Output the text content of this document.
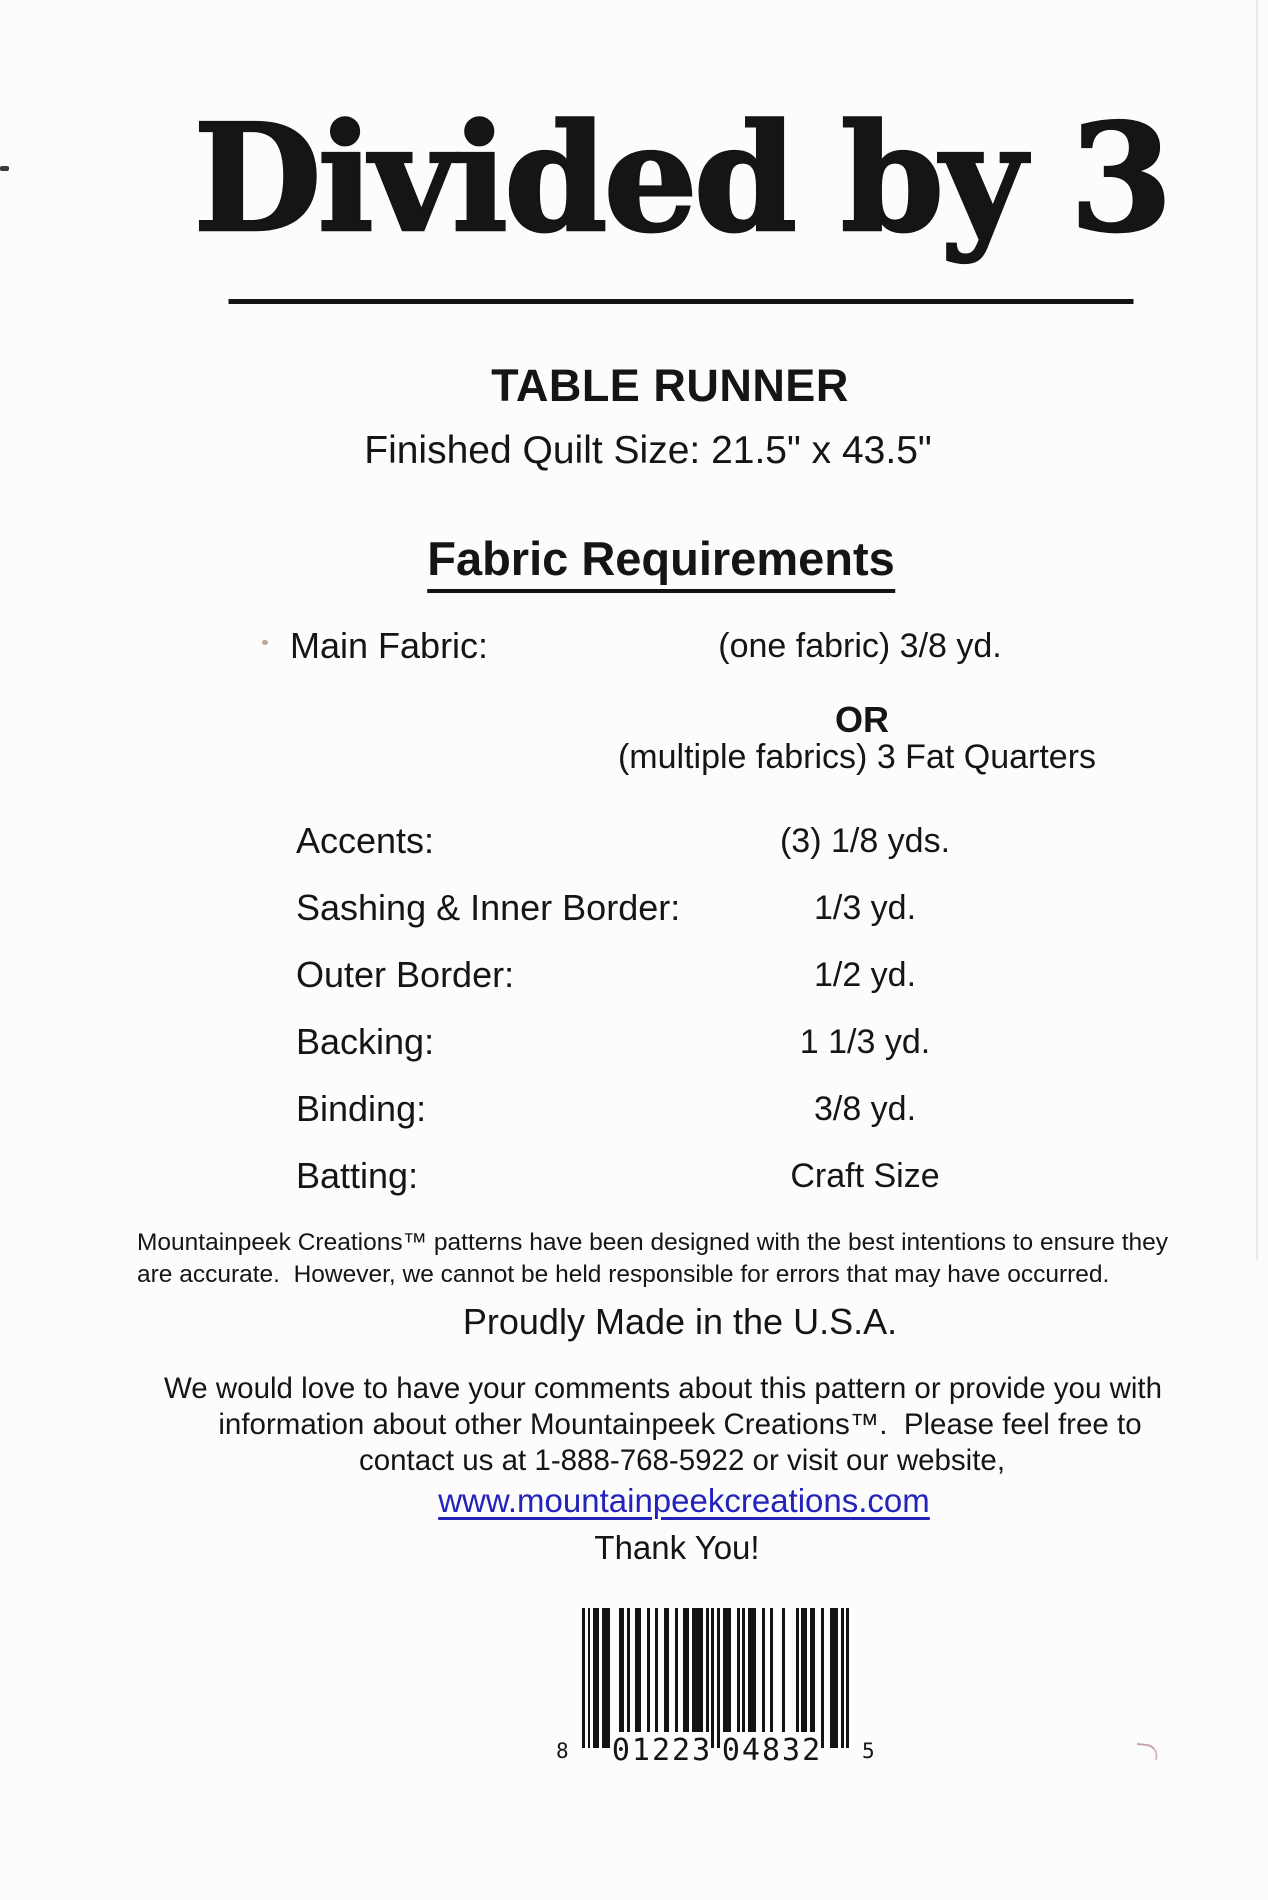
Divided by 3
TABLE RUNNER
Finished Quilt Size: 21.5" x 43.5"
Fabric Requirements
Main Fabric:	(one fabric) 3/8 yd.
OR
(multiple fabrics) 3 Fat Quarters
Accents:	(3) 1/8 yds.
Sashing & Inner Border:	1/3 yd.
Outer Border:	1/2 yd.
Backing:	1 1/3 yd.
Binding:	3/8 yd.
Batting:	Craft Size
Mountainpeek Creations™ patterns have been designed with the best intentions to ensure they
are accurate.  However, we cannot be held responsible for errors that may have occurred.
Proudly Made in the U.S.A.
We would love to have your comments about this pattern or provide you with
information about other Mountainpeek Creations™.  Please feel free to
contact us at 1-888-768-5922 or visit our website,
www.mountainpeekcreations.com
Thank You!
8 01223 04832 5
